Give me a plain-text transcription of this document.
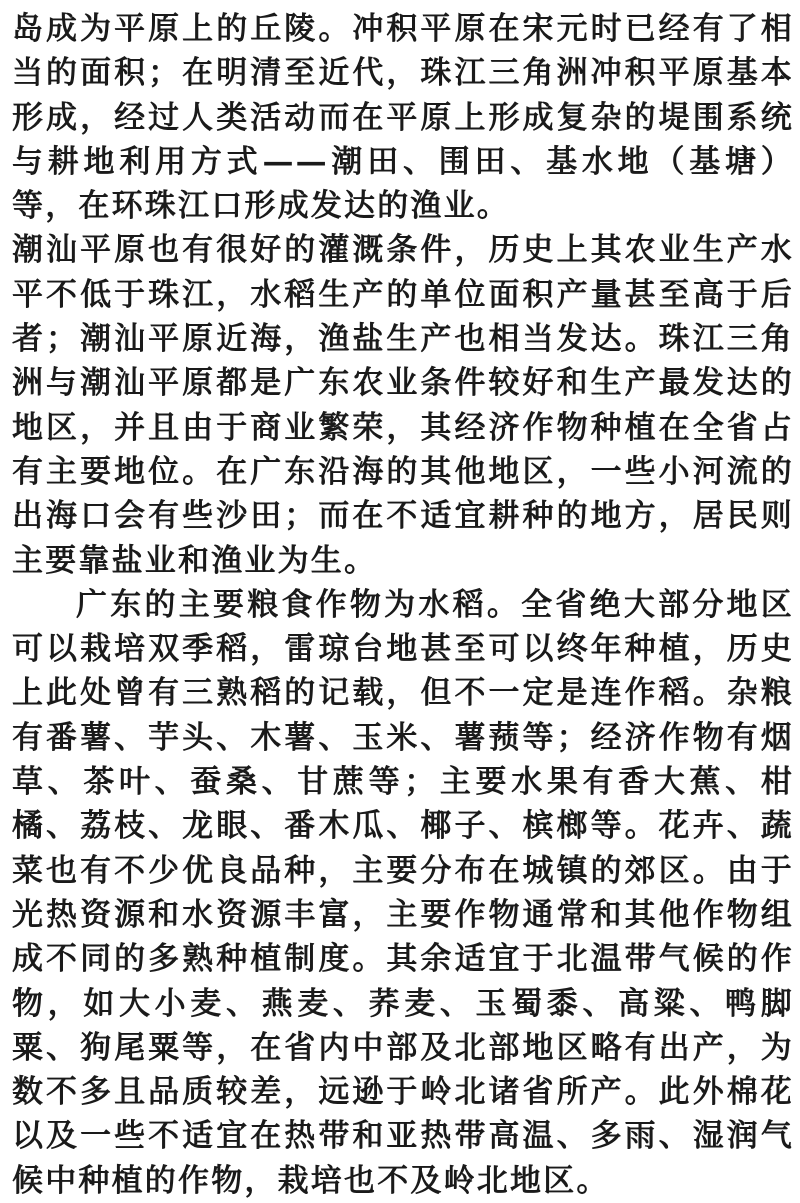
岛成为平原上的丘陵。冲积平原在宋元时已经有了相当的面积；在明清至近代，珠江三角洲冲积平原基本形成，经过人类活动而在平原上形成复杂的堤围系统与耕地利用方式——潮田、围田、基水地（基塘）等，在环珠江口形成发达的渔业。

潮汕平原也有很好的灌溉条件，历史上其农业生产水平不低于珠江，水稻生产的单位面积产量甚至高于后者；潮汕平原近海，渔盐生产也相当发达。珠江三角洲与潮汕平原都是广东农业条件较好和生产最发达的地区，并且由于商业繁荣，其经济作物种植在全省占有主要地位。在广东沿海的其他地区，一些小河流的出海口会有些沙田；而在不适宜耕种的地方，居民则主要靠盐业和渔业为生。

广东的主要粮食作物为水稻。全省绝大部分地区可以栽培双季稻，雷琼台地甚至可以终年种植，历史上此处曾有三熟稻的记载，但不一定是连作稻。杂粮有番薯、芋头、木薯、玉米、薯蓣等；经济作物有烟草、茶叶、蚕桑、甘蔗等；主要水果有香大蕉、柑橘、荔枝、龙眼、番木瓜、椰子、槟榔等。花卉、蔬菜也有不少优良品种，主要分布在城镇的郊区。由于光热资源和水资源丰富，主要作物通常和其他作物组成不同的多熟种植制度。其余适宜于北温带气候的作物，如大小麦、燕麦、荞麦、玉蜀黍、高粱、鸭脚粟、狗尾粟等，在省内中部及北部地区略有出产，为数不多且品质较差，远逊于岭北诸省所产。此外棉花以及一些不适宜在热带和亚热带高温、多雨、湿润气候中种植的作物，栽培也不及岭北地区。
